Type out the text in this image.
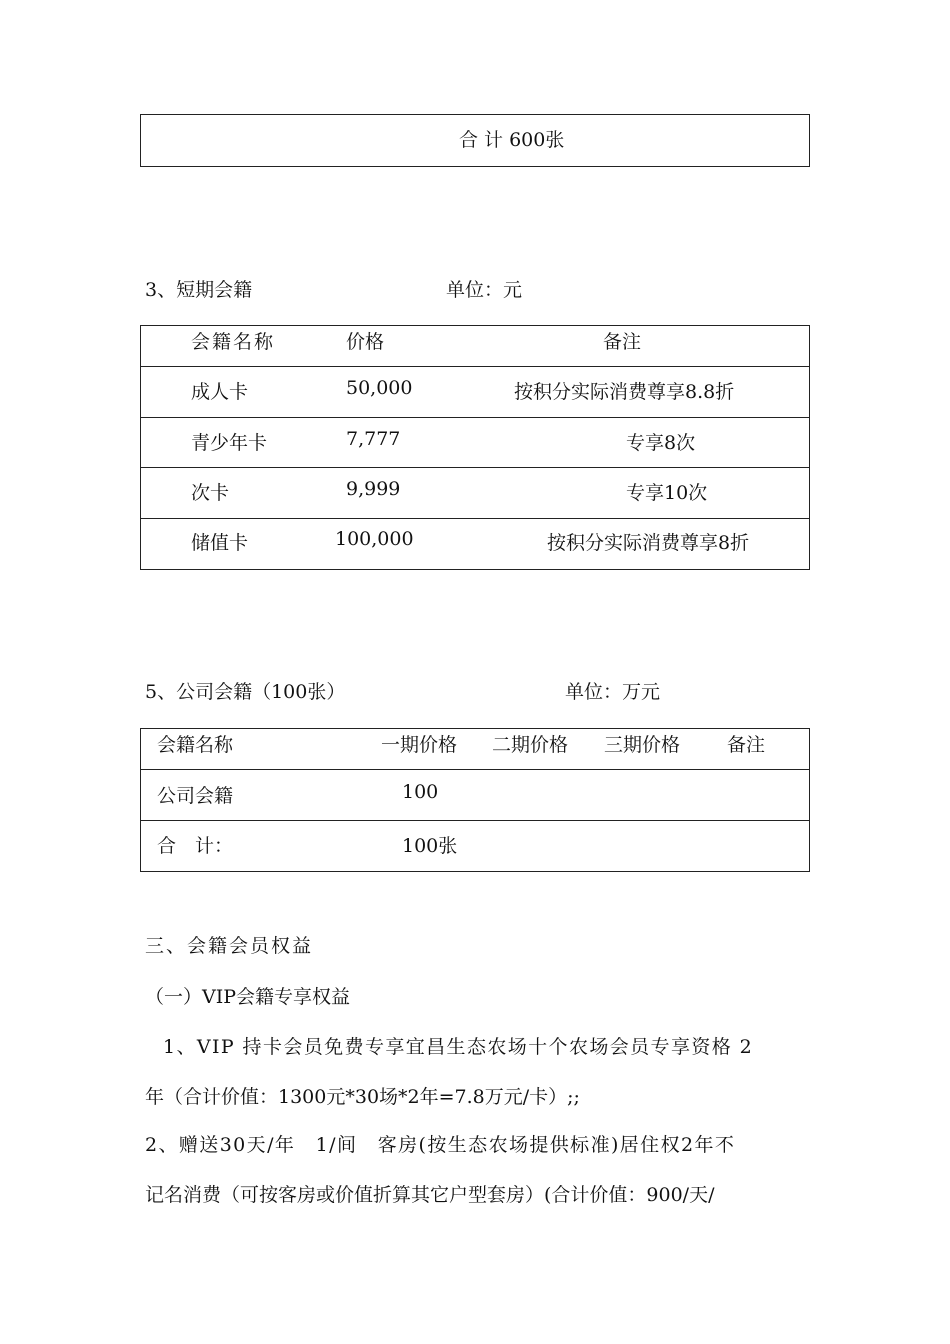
合 计 600张
3、短期会籍	单位：元
会籍名称	价格	备注
成人卡	50,000	按积分实际消费尊享8.8折
青少年卡	7,777	专享8次
次卡	9,999	专享10次
储值卡	100,000	按积分实际消费尊享8折
5、公司会籍（100张）	单位：万元
会籍名称	一期价格 二期价格 三期价格 备注
公司会籍	100
合　计：	100张
三、会籍会员权益
（一）VIP会籍专享权益
1、VIP 持卡会员免费专享宜昌生态农场十个农场会员专享资格 2
年（合计价值：1300元*30场*2年=7.8万元/卡）;;
2、赠送30天/年　1/间　客房(按生态农场提供标准)居住权2年不
记名消费（可按客房或价值折算其它户型套房）(合计价值：900/天/
